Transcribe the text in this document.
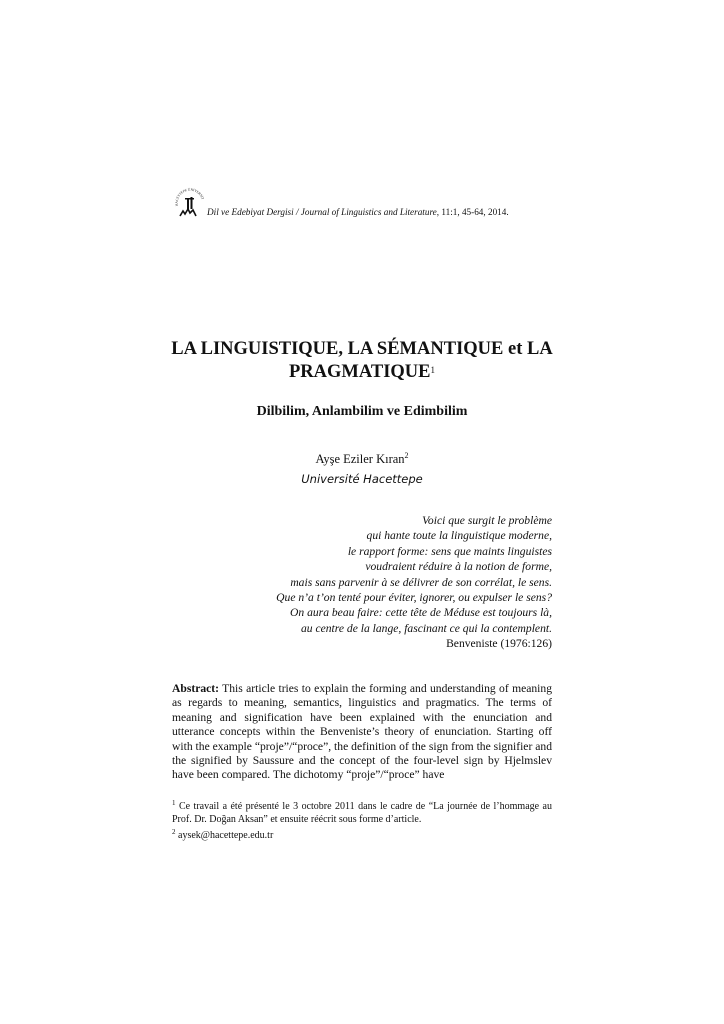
HACETTEPE ÜNİVERSİT
Dil ve Edebiyat Dergisi / Journal of Linguistics and Literature, 11:1, 45-64, 2014.
LA LINGUISTIQUE, LA SÉMANTIQUE et LA
PRAGMATIQUE$^1$
Dilbilim, Anlambilim ve Edimbilim
Ayşe Eziler Kıran$^2$
Université Hacettepe
Voici que surgit le problème
qui hante toute la linguistique moderne,
le rapport forme: sens que maints linguistes
voudraient réduire à la notion de forme,
mais sans parvenir à se délivrer de son corrélat, le sens.
Que n’a t’on tenté pour éviter, ignorer, ou expulser le sens?
On aura beau faire: cette tête de Méduse est toujours là,
au centre de la lange, fascinant ce qui la contemplent.
Benveniste (1976:126)
Abstract: This article tries to explain the forming and understanding of meaning as regards to meaning, semantics, linguistics and pragmatics. The terms of meaning and signification have been explained with the enunciation and utterance concepts within the Benveniste’s theory of enunciation. Starting off with the example “proje”/“proce”, the definition of the sign from the signifier and the signified by Saussure and the concept of the four-level sign by Hjelmslev have been compared. The dichotomy “proje”/“proce” have

$^1$ Ce travail a été présenté le 3 octobre 2011 dans le cadre de “La journée de l’hommage au Prof. Dr. Doğan Aksan” et ensuite réécrit sous forme d’article.

$^2$ aysek@hacettepe.edu.tr
